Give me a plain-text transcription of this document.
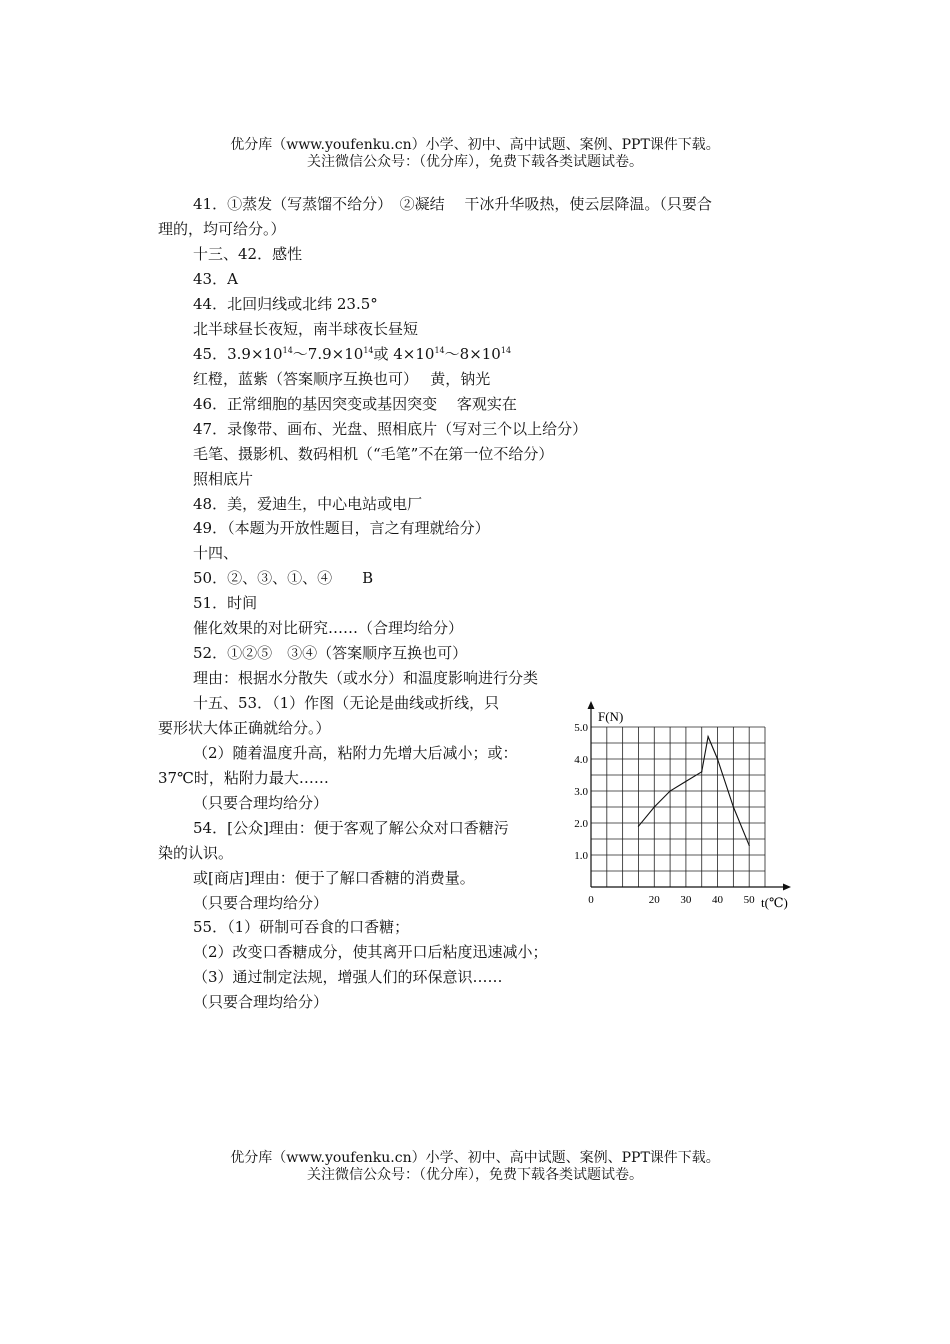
优分库（www.youfenku.cn）小学、初中、高中试题、案例、PPT课件下载。
关注微信公众号：（优分库），免费下载各类试题试卷。
41．①蒸发（写蒸馏不给分）　②凝结　 干冰升华吸热，使云层降温。（只要合
理的，均可给分。）
十三、42．感性
43．A
44．北回归线或北纬 23.5°
北半球昼长夜短，南半球夜长昼短
45．$3.9\times 10^{14}\sim 7.9\times 10^{14}$或 $4\times 10^{14}\sim 8\times 10^{14}$
红橙，蓝紫（答案顺序互换也可）　 黄，钠光
46．正常细胞的基因突变或基因突变　 客观实在
47．录像带、画布、光盘、照相底片（写对三个以上给分）
毛笔、摄影机、数码相机（“毛笔”不在第一位不给分）
照相底片
48．美，爱迪生，中心电站或电厂
49．（本题为开放性题目，言之有理就给分）
十四、
50．②、③、①、④　　B
51．时间
催化效果的对比研究……（合理均给分）
52．①②⑤　③④（答案顺序互换也可）
理由：根据水分散失（或水分）和温度影响进行分类
十五、53．（1）作图（无论是曲线或折线，只
要形状大体正确就给分。）
（2）随着温度升高，粘附力先增大后减小；或：
37℃时，粘附力最大……
（只要合理均给分）
54．[公众]理由：便于客观了解公众对口香糖污
染的认识。
或[商店]理由：便于了解口香糖的消费量。
（只要合理均给分）
55．（1）研制可吞食的口香糖；
（2）改变口香糖成分，使其离开口后粘度迅速减小；
（3）通过制定法规，增强人们的环保意识……
（只要合理均给分）
1.0
2.0
3.0
4.0
5.0
0	20 30 40 50
F(N)
t(℃)
优分库（www.youfenku.cn）小学、初中、高中试题、案例、PPT课件下载。
关注微信公众号：（优分库），免费下载各类试题试卷。
